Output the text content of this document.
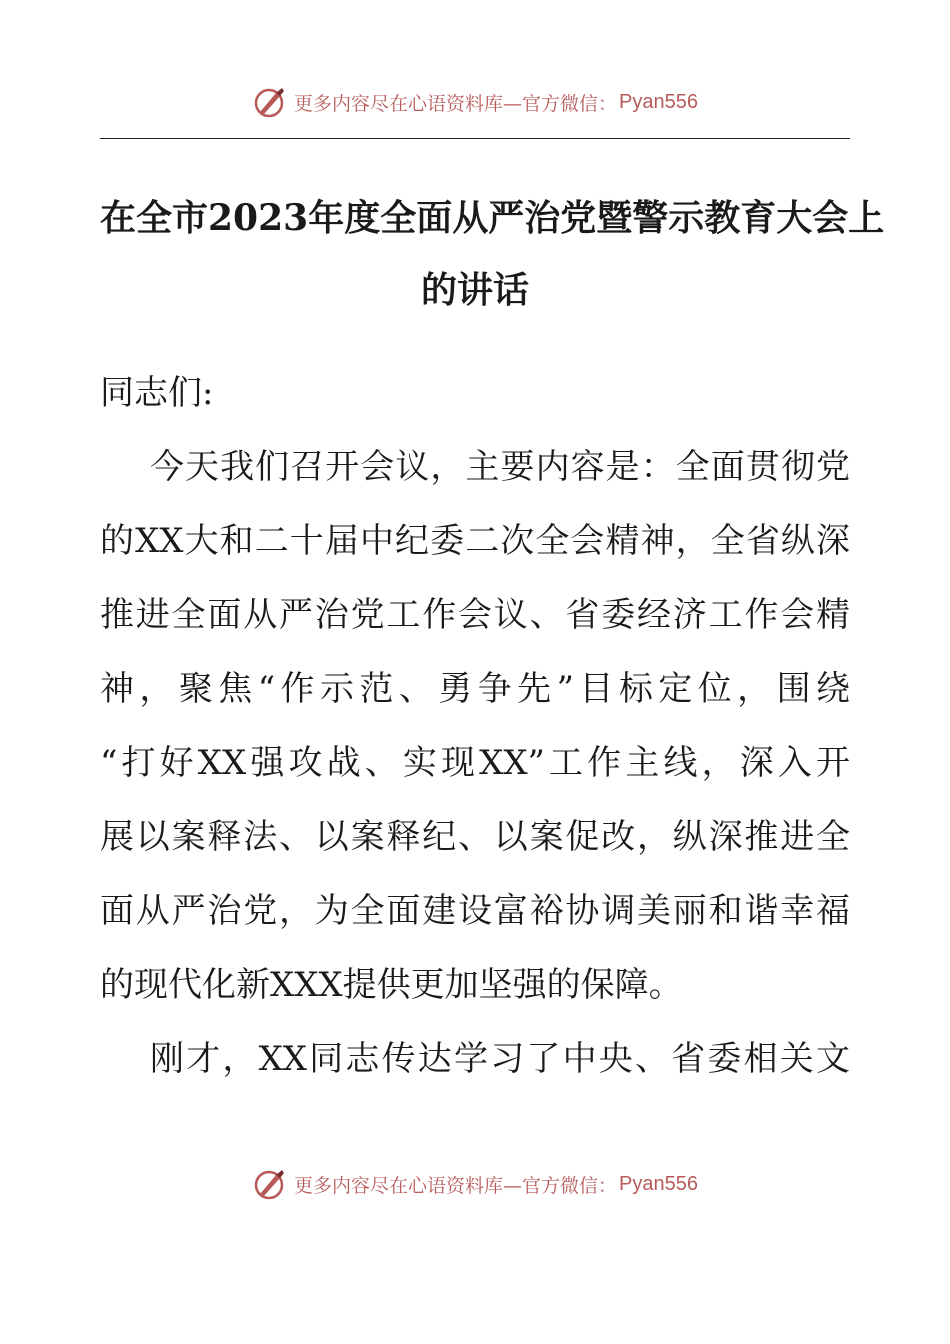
更多内容尽在心语资料库—官方微信： Pyan556
在全市2023年度全面从严治党暨警示教育大会上
的讲话
同志们:
今天我们召开会议，主要内容是：全面贯彻党
的XX大和二十届中纪委二次全会精神，全省纵深
推进全面从严治党工作会议、省委经济工作会精
神，聚焦“作示范、勇争先”目标定位，围绕
“打好XX强攻战、实现XX”工作主线，深入开
展以案释法、以案释纪、以案促改，纵深推进全
面从严治党，为全面建设富裕协调美丽和谐幸福
的现代化新XXX提供更加坚强的保障。
刚才，XX同志传达学习了中央、省委相关文
更多内容尽在心语资料库—官方微信： Pyan556
